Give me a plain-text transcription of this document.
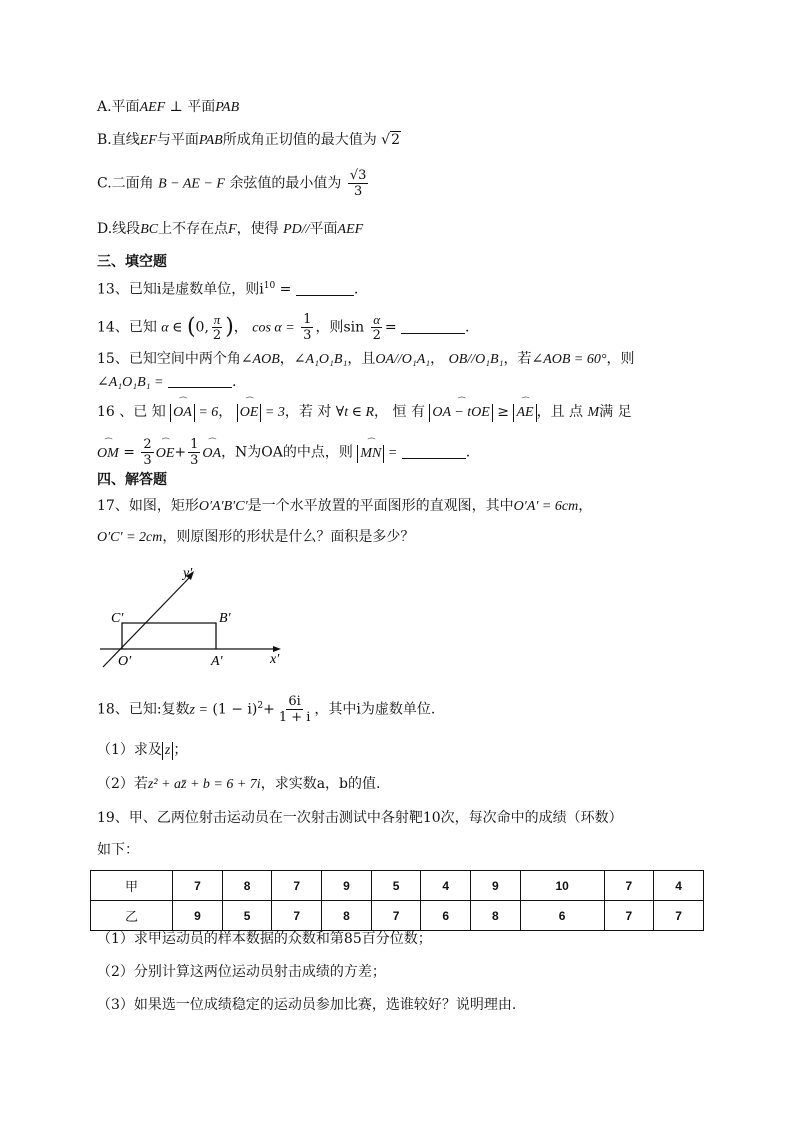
A.平面AEF ⊥ 平面PAB
B.直线EF与平面PAB所成角正切值的最大值为 √2
C.二面角 B − AE − F 余弦值的最小值为 $\frac{√3}{3}$
D.线段BC上不存在点F，使得 PD//平面AEF
三、填空题
13、已知i是虚数单位，则$i^{10}$ =	.
14、已知 α ∈ (0, $\frac{\pi}{2}$ )， $\cos \alpha = \frac{1}{3}$ ，则$\sin \frac{\alpha}{2}$ =	.
15、已知空间中两个角∠AOB，∠A₁O₁B₁，且OA//O₁A₁， OB//O₁B₁，若∠AOB = 60°，则
∠A₁O₁B₁ =	.
16 、已 知 ⏜ OA = 6， ⏜ OE = 3，若 对 ∀t ∈ R， 恒 有 ⏜ OA − tOE ≥ ⏜ AE ，且 点 M满 足
⏜ OM = $\frac{2}{3}$ ⏜ $OE+ \frac{1}{3}$ ⏜ OA，N为OA的中点，则 ⏜ MN =	.
四、解答题
17、如图，矩形O′A′B′C′是一个水平放置的平面图形的直观图，其中O′A′ = 6cm，
O′C′ = 2cm，则原图形的形状是什么？面积是多少？
y′
x′
C′	B′
O′	A′
18、已知:复数$z = (1 - i)^2+ \frac{6i}{1 + i}$ ，其中i为虚数单位.
（1）求及 z ；
（2）若z² + az̄ + b = 6 + 7i，求实数a，b的值.
19、甲、乙两位射击运动员在一次射击测试中各射靶10次，每次命中的成绩（环数）
如下：
甲	7	8	7	9	5	4	9	10	7	4
乙	9	5	7	8	7	6	8	6	7	7
（1）求甲运动员的样本数据的众数和第85百分位数；
（2）分别计算这两位运动员射击成绩的方差；
（3）如果选一位成绩稳定的运动员参加比赛，选谁较好？说明理由.
